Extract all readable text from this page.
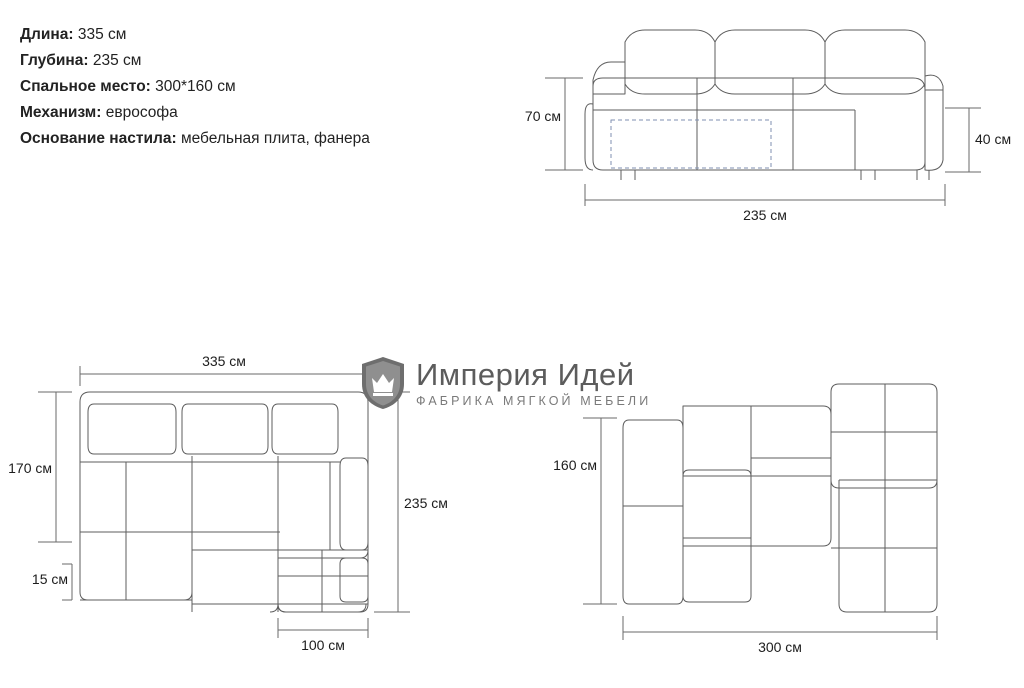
Длина: 335 см
Глубина: 235 см
Спальное место: 300*160 см
Механизм: еврософа
Основание настила: мебельная плита, фанера
70 см
40 см
235 см
335 см
170 см
235 см
15 см
100 см
160 см
300 см
Империя Идей
ФАБРИКА МЯГКОЙ МЕБЕЛИ
